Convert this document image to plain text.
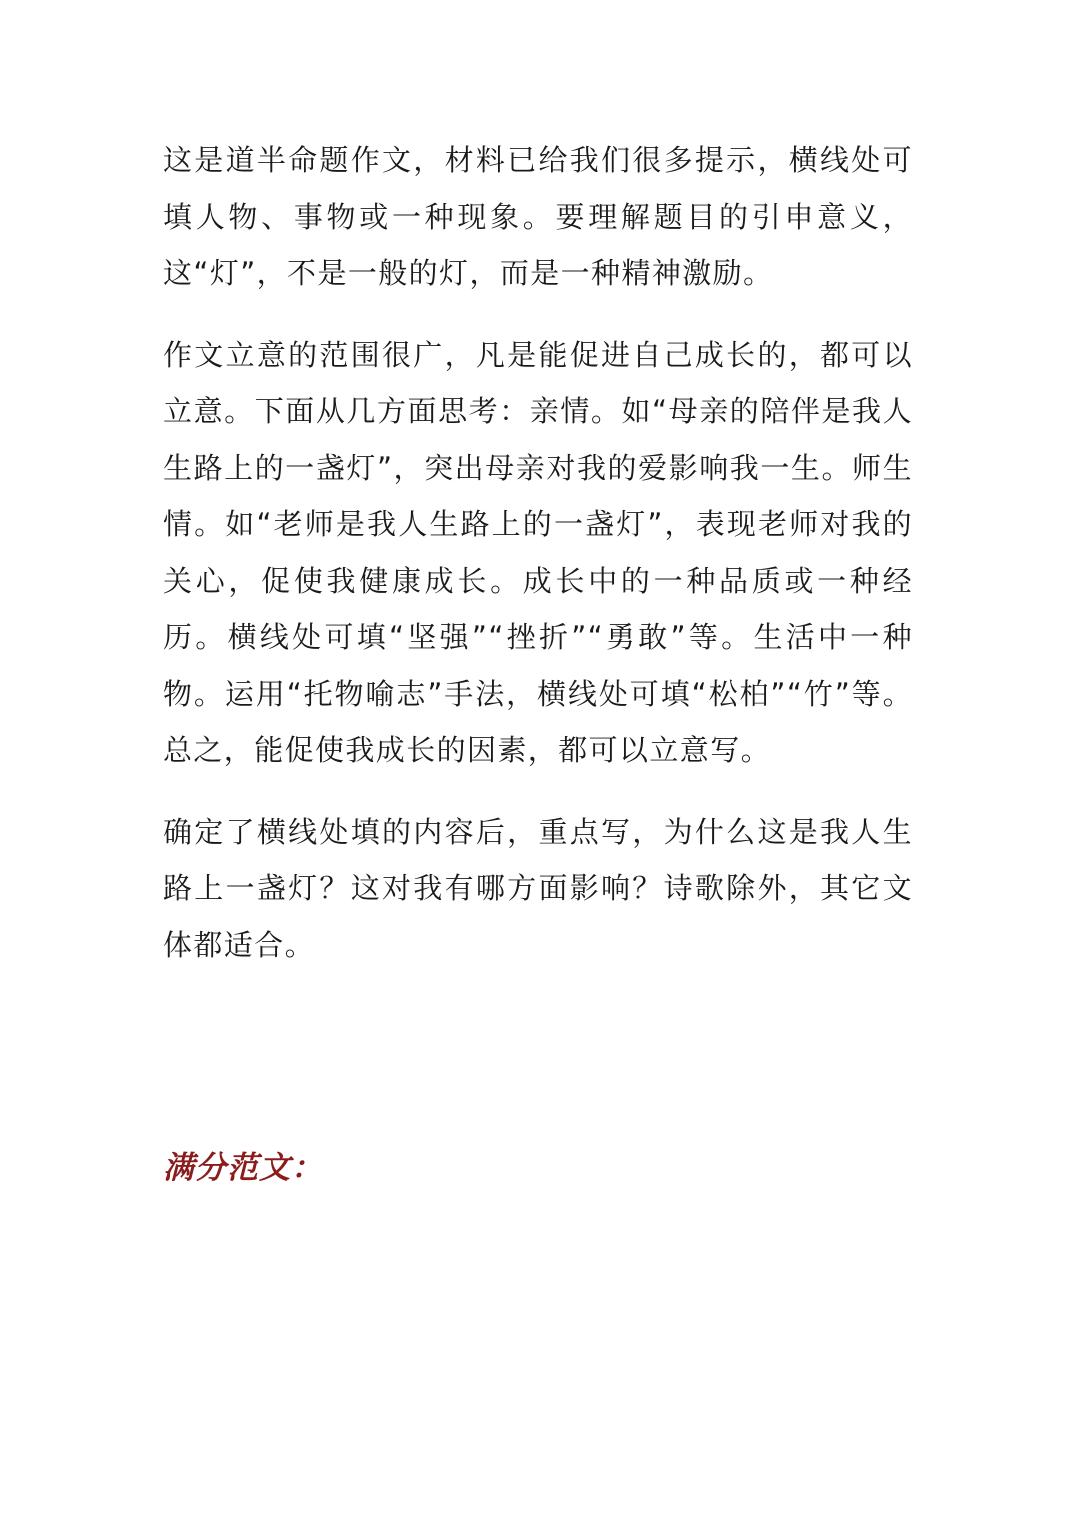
这是道半命题作文，材料已给我们很多提示，横线处可填人物、事物或一种现象。要理解题目的引申意义，这“灯”，不是一般的灯，而是一种精神激励。

作文立意的范围很广，凡是能促进自己成长的，都可以立意。下面从几方面思考：亲情。如“母亲的陪伴是我人生路上的一盏灯”，突出母亲对我的爱影响我一生。师生情。如“老师是我人生路上的一盏灯”，表现老师对我的关心，促使我健康成长。成长中的一种品质或一种经历。横线处可填“坚强”“挫折”“勇敢”等。生活中一种物。运用“托物喻志”手法，横线处可填“松柏”“竹”等。总之，能促使我成长的因素，都可以立意写。

确定了横线处填的内容后，重点写，为什么这是我人生路上一盏灯？这对我有哪方面影响？诗歌除外，其它文体都适合。

满分范文：
